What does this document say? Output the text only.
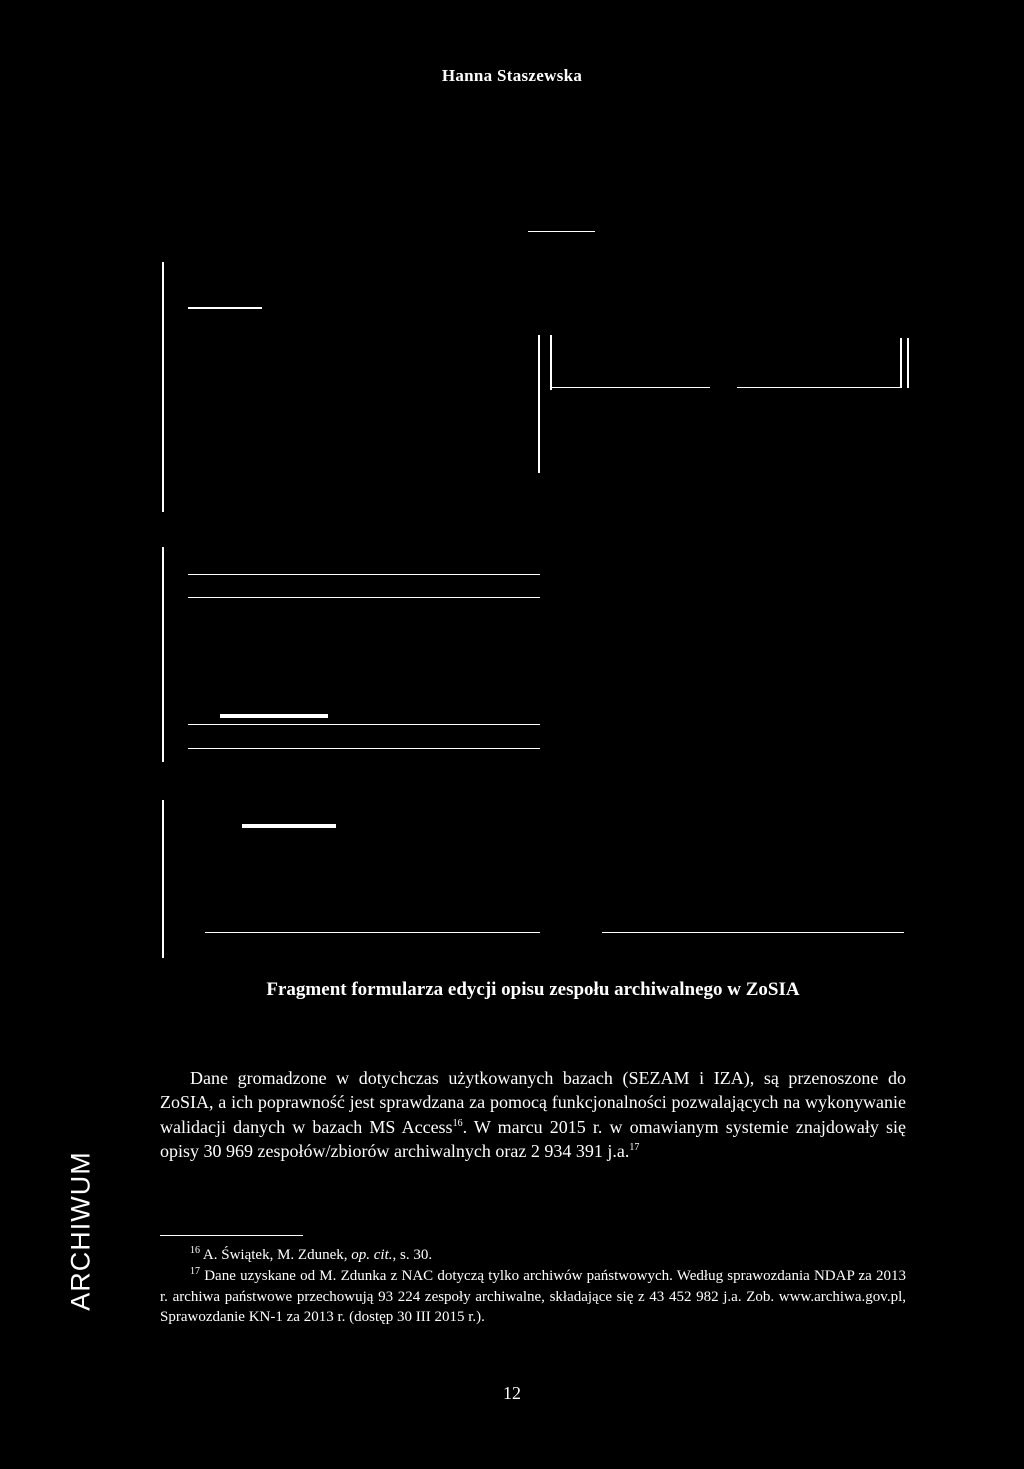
Hanna Staszewska
Fragment formularza edycji opisu zespołu archiwalnego w ZoSIA

Dane gromadzone w dotychczas użytkowanych bazach (SEZAM i IZA), są przenoszone do ZoSIA, a ich poprawność jest sprawdzana za pomocą funkcjonalności pozwalających na wykonywanie walidacji danych w bazach MS Access$^{16}$. W marcu 2015 r. w omawianym systemie znajdowały się opisy 30 969 zespołów/zbiorów archiwalnych oraz 2 934 391 j.a.$^{17}$

$^{16}$ A. Świątek, M. Zdunek, op. cit., s. 30.

$^{17}$ Dane uzyskane od M. Zdunka z NAC dotyczą tylko archiwów państwowych. Według sprawozdania NDAP za 2013 r. archiwa państwowe przechowują 93 224 zespoły archiwalne, składające się z 43 452 982 j.a. Zob. www.archiwa.gov.pl, Sprawozdanie KN-1 za 2013 r. (dostęp 30 III 2015 r.).

ARCHIWUM
12
